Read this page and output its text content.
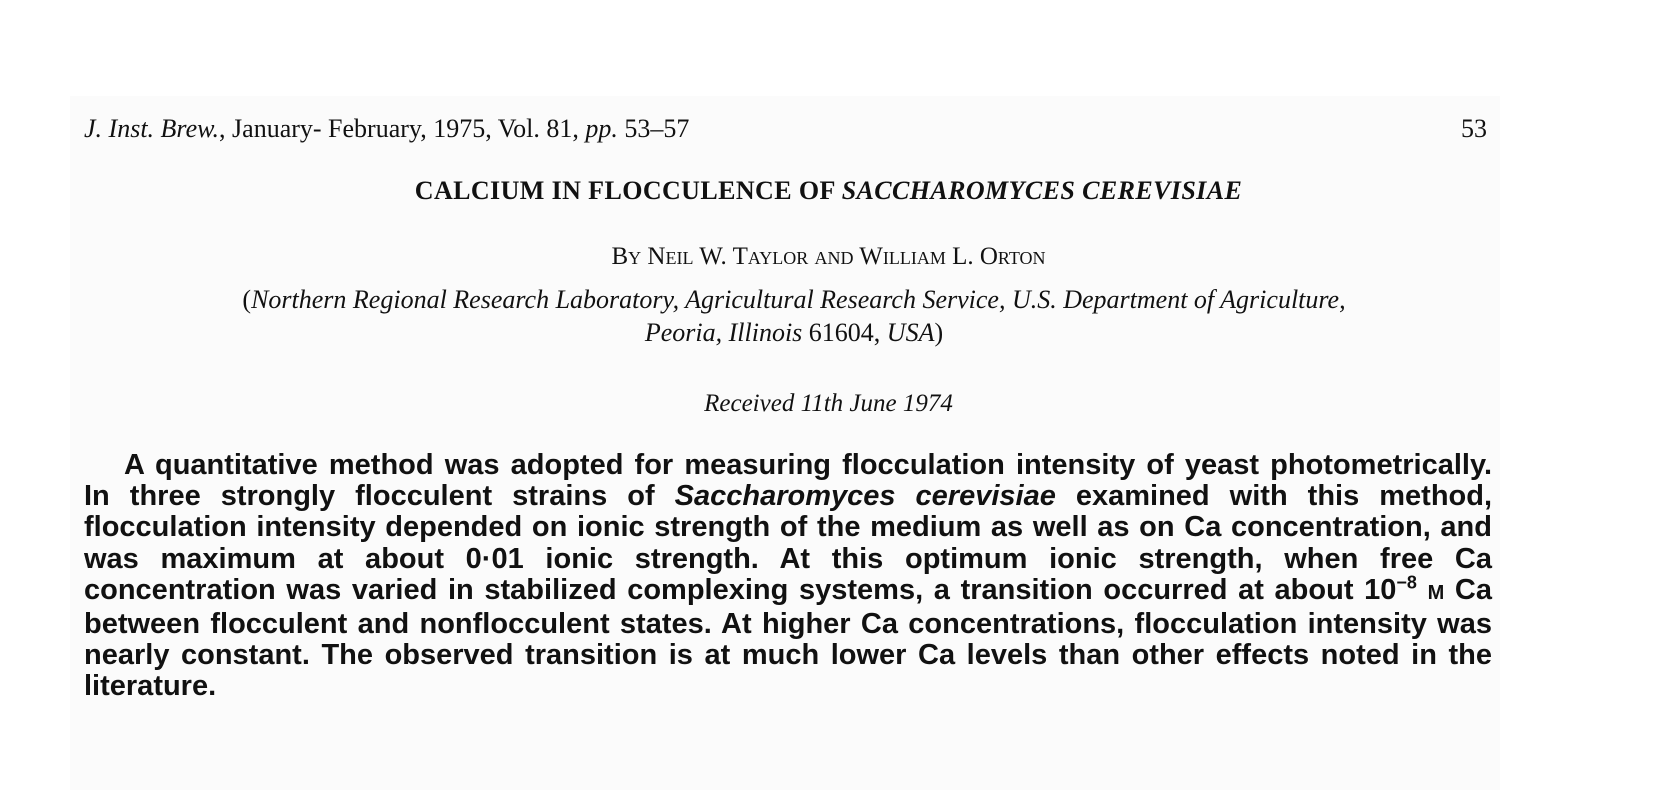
J. Inst. Brew., January- February, 1975, Vol. 81, pp. 53–57	53
CALCIUM IN FLOCCULENCE OF SACCHAROMYCES CEREVISIAE
By Neil W. Taylor and William L. Orton
(Northern Regional Research Laboratory, Agricultural Research Service, U.S. Department of Agriculture,
Peoria, Illinois 61604, USA)
Received 11th June 1974

A quantitative method was adopted for measuring flocculation intensity of yeast photometrically. In three strongly flocculent strains of Saccharomyces cerevisiae examined with this method, flocculation intensity depended on ionic strength of the medium as well as on Ca concentration, and was maximum at about 0·01 ionic strength. At this optimum ionic strength, when free Ca concentration was varied in stabilized complexing systems, a transition occurred at about $10^{-8}$ M Ca between flocculent and nonflocculent states. At higher Ca concentrations, flocculation intensity was nearly constant. The observed transition is at much lower Ca levels than other effects noted in the literature.
